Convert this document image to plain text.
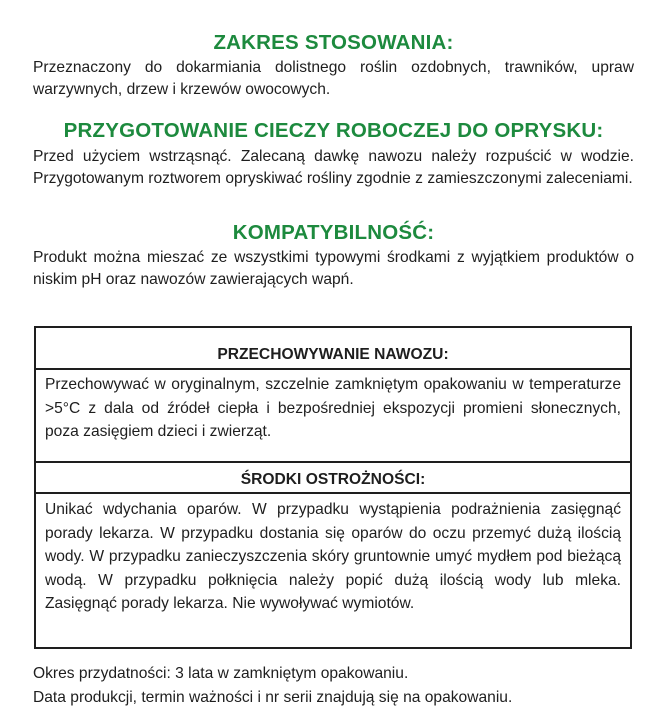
ZAKRES STOSOWANIA:

Przeznaczony do dokarmiania dolistnego roślin ozdobnych, trawników, upraw warzywnych, drzew i krzewów owocowych.

PRZYGOTOWANIE CIECZY ROBOCZEJ DO OPRYSKU:

Przed użyciem wstrząsnąć. Zalecaną dawkę nawozu należy rozpuścić w wodzie. Przygotowanym roztworem opryskiwać rośliny zgodnie z zamieszczonymi zaleceniami.

KOMPATYBILNOŚĆ:

Produkt można mieszać ze wszystkimi typowymi środkami z wyjątkiem produktów o niskim pH oraz nawozów zawierających wapń.

PRZECHOWYWANIE NAWOZU:

Przechowywać w oryginalnym, szczelnie zamkniętym opakowaniu w temperaturze >5°C z dala od źródeł ciepła i bezpośredniej ekspozycji promieni słonecznych, poza zasięgiem dzieci i zwierząt.

ŚRODKI OSTROŻNOŚCI:

Unikać wdychania oparów. W przypadku wystąpienia podrażnienia zasięgnąć porady lekarza. W przypadku dostania się oparów do oczu przemyć dużą ilością wody. W przypadku zanieczyszczenia skóry gruntownie umyć mydłem pod bieżącą wodą. W przypadku połknięcia należy popić dużą ilością wody lub mleka. Zasięgnąć porady lekarza. Nie wywoływać wymiotów.

Okres przydatności: 3 lata w zamkniętym opakowaniu.
Data produkcji, termin ważności i nr serii znajdują się na opakowaniu.
